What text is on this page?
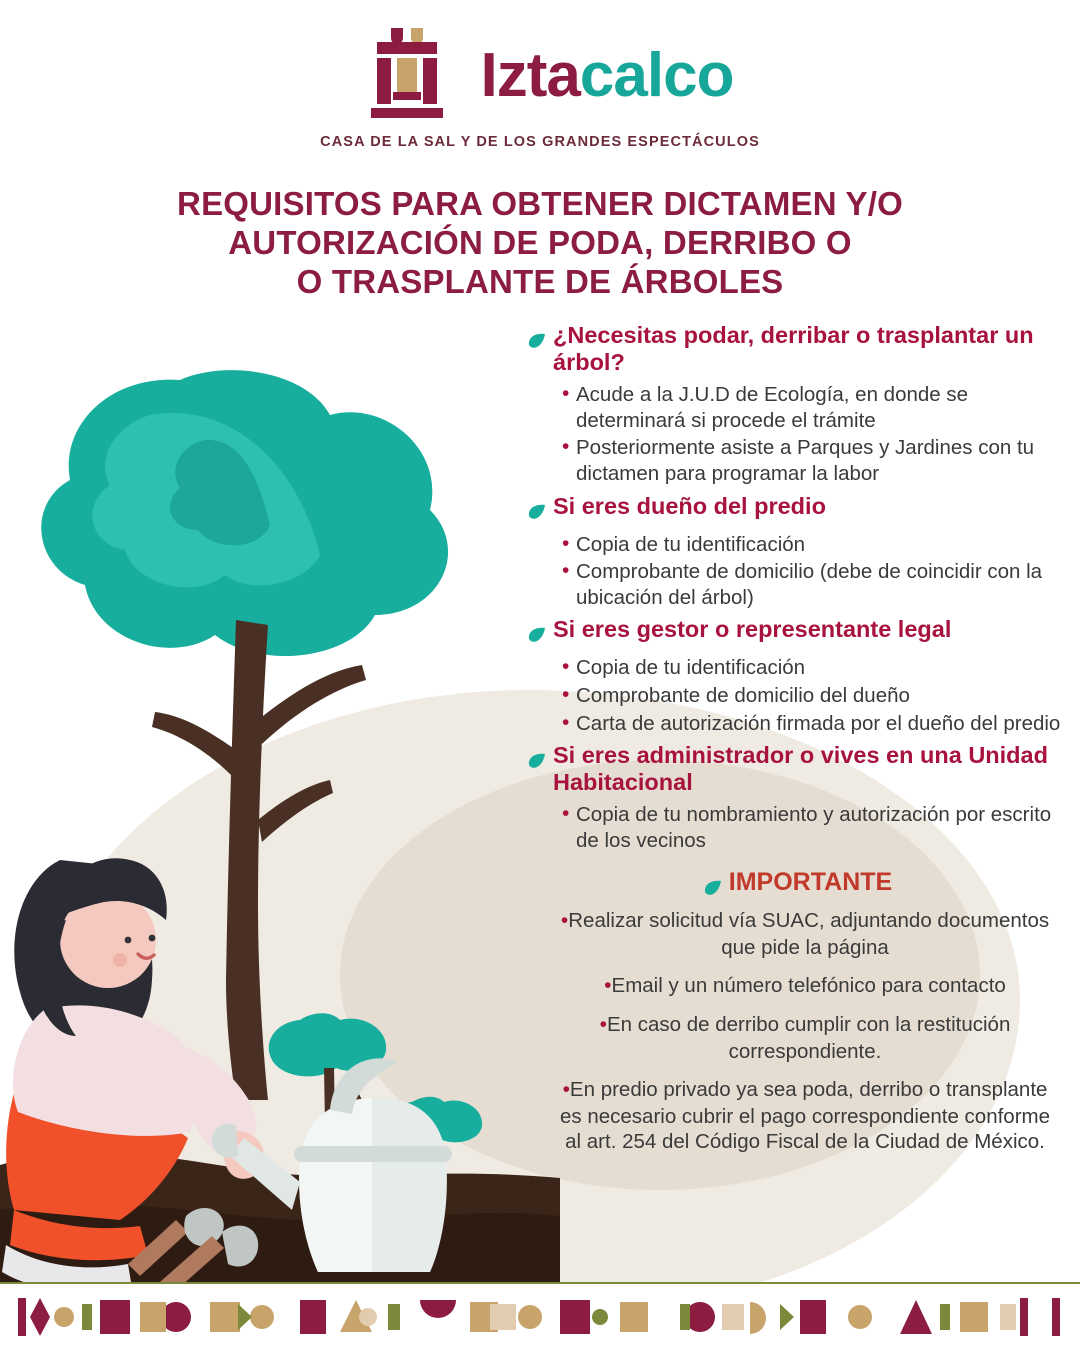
Iztacalco
CASA DE LA SAL Y DE LOS GRANDES ESPECTÁCULOS
REQUISITOS PARA OBTENER DICTAMEN Y/O
AUTORIZACIÓN DE PODA, DERRIBO O
O TRASPLANTE DE ÁRBOLES
¿Necesitas podar, derribar o trasplantar un árbol?
• Acude a la J.U.D de Ecología, en donde se determinará si procede el trámite
• Posteriormente asiste a Parques y Jardines con tu dictamen para programar la labor
Si eres dueño del predio
• Copia de tu identificación
• Comprobante de domicilio (debe de coincidir con la ubicación del árbol)
Si eres gestor o representante legal
• Copia de tu identificación
• Comprobante de domicilio del dueño
• Carta de autorización firmada por el dueño del predio
Si eres administrador o vives en una Unidad Habitacional
• Copia de tu nombramiento y autorización por escrito de los vecinos
IMPORTANTE
•Realizar solicitud vía SUAC, adjuntando documentos que pide la página
•Email y un número telefónico para contacto
•En caso de derribo cumplir con la restitución correspondiente.
•En predio privado ya sea poda, derribo o transplante es necesario cubrir el pago correspondiente conforme al art. 254 del Código Fiscal de la Ciudad de México.
